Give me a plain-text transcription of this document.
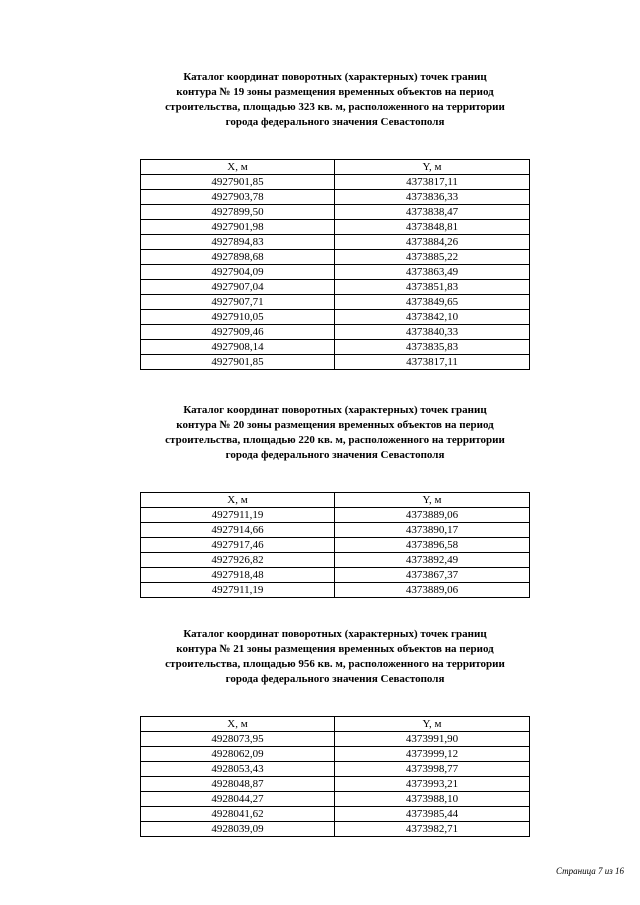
Каталог координат поворотных (характерных) точек границ
контура № 19 зоны размещения временных объектов на период
строительства, площадью 323 кв. м, расположенного на территории
города федерального значения Севастополя
X, м	Y, м
4927901,85	4373817,11
4927903,78	4373836,33
4927899,50	4373838,47
4927901,98	4373848,81
4927894,83	4373884,26
4927898,68	4373885,22
4927904,09	4373863,49
4927907,04	4373851,83
4927907,71	4373849,65
4927910,05	4373842,10
4927909,46	4373840,33
4927908,14	4373835,83
4927901,85	4373817,11
Каталог координат поворотных (характерных) точек границ
контура № 20 зоны размещения временных объектов на период
строительства, площадью 220 кв. м, расположенного на территории
города федерального значения Севастополя
X, м	Y, м
4927911,19	4373889,06
4927914,66	4373890,17
4927917,46	4373896,58
4927926,82	4373892,49
4927918,48	4373867,37
4927911,19	4373889,06
Каталог координат поворотных (характерных) точек границ
контура № 21 зоны размещения временных объектов на период
строительства, площадью 956 кв. м, расположенного на территории
города федерального значения Севастополя
X, м	Y, м
4928073,95	4373991,90
4928062,09	4373999,12
4928053,43	4373998,77
4928048,87	4373993,21
4928044,27	4373988,10
4928041,62	4373985,44
4928039,09	4373982,71
Страница 7 из 16
